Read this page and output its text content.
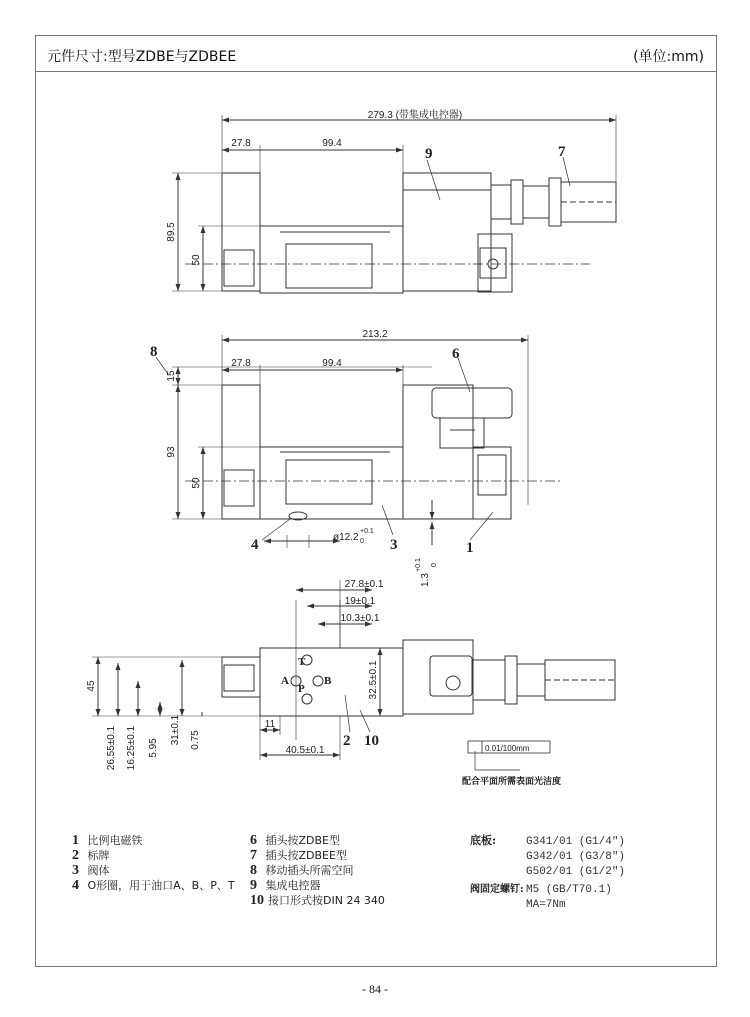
元件尺寸:型号ZDBE与ZDBEE	(单位:mm)
279.3 (带集成电控器)
27.8	99.4
89.5
50
9	7
213.2
27.8	99.4
15
93
50
ø12.2
+0.1
0
1.3
+0.1 0
8	6
4	3	1
27.8±0.1
19±0.1
10.3±0.1
45
26.55±0.1 16.25±0.1 5.95
31±0.1 0.75
11
40.5±0.1
32.5±0.1
T
A	B
P
2 10	0.01/100mm
配合平面所需表面光洁度
1 比例电磁铁
2 标牌
3 阀体
4 O形圈，用于油口A、B、P、T
6 插头按ZDBE型
7 插头按ZDBEE型
8 移动插头所需空间
9 集成电控器
10 接口形式按DIN 24 340
底板:	G341/01 (G1/4")
G342/01 (G3/8")
G502/01 (G1/2")
阀固定螺钉: M5 (GB/T70.1)
MA=7Nm
- 84 -
